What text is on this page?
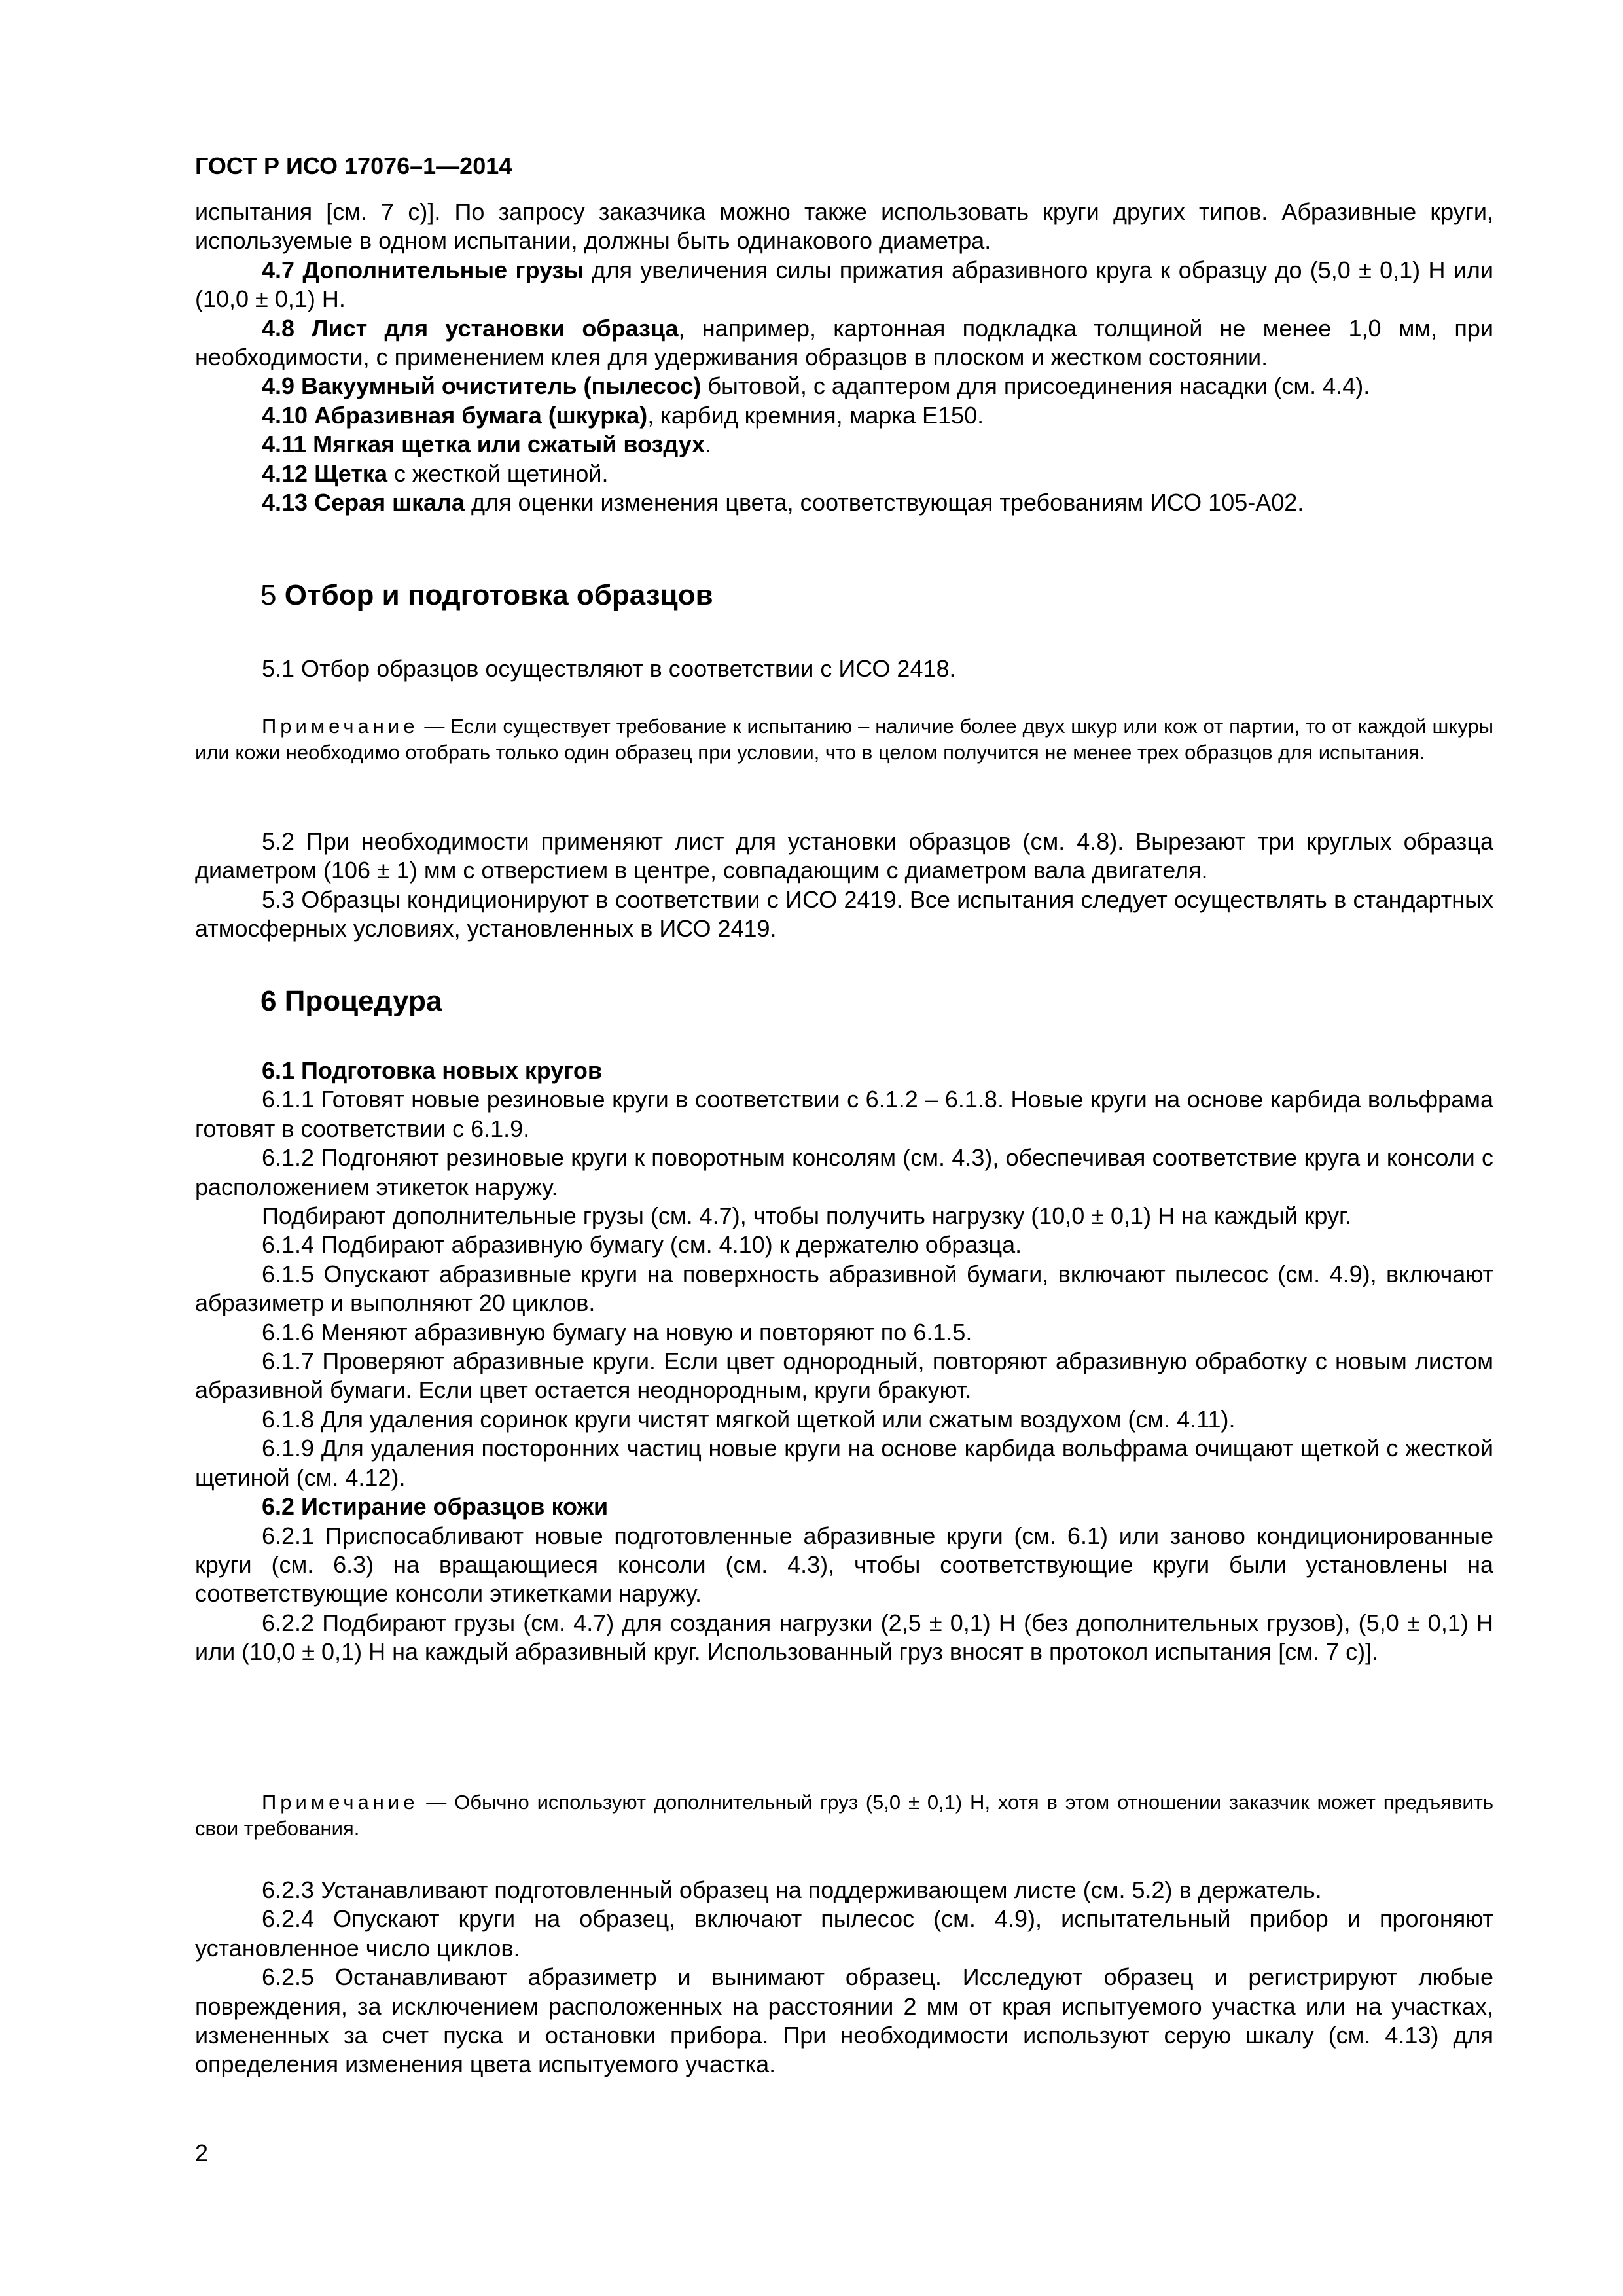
ГОСТ Р ИСО 17076–1—2014

испытания [см. 7 с)]. По запросу заказчика можно также использовать круги других типов. Абразивные круги, используемые в одном испытании, должны быть одинакового диаметра.

4.7 Дополнительные грузы для увеличения силы прижатия абразивного круга к образцу до (5,0 ± 0,1) Н или (10,0 ± 0,1) Н.

4.8 Лист для установки образца, например, картонная подкладка толщиной не менее 1,0 мм, при необходимости, с применением клея для удерживания образцов в плоском и жестком состоянии.

4.9 Вакуумный очиститель (пылесос) бытовой, с адаптером для присоединения насадки (см. 4.4).

4.10 Абразивная бумага (шкурка), карбид кремния, марка Е150.

4.11 Мягкая щетка или сжатый воздух.

4.12 Щетка с жесткой щетиной.

4.13 Серая шкала для оценки изменения цвета, соответствующая требованиям ИСО 105-А02.

5 Отбор и подготовка образцов

5.1 Отбор образцов осуществляют в соответствии с ИСО 2418.

Примечание — Если существует требование к испытанию – наличие более двух шкур или кож от партии, то от каждой шкуры или кожи необходимо отобрать только один образец при условии, что в целом получится не менее трех образцов для испытания.

5.2 При необходимости применяют лист для установки образцов (см. 4.8). Вырезают три круглых образца диаметром (106 ± 1) мм с отверстием в центре, совпадающим с диаметром вала двигателя.

5.3 Образцы кондиционируют в соответствии с ИСО 2419. Все испытания следует осуществлять в стандартных атмосферных условиях, установленных в ИСО 2419.

6 Процедура

6.1 Подготовка новых кругов

6.1.1 Готовят новые резиновые круги в соответствии с 6.1.2 – 6.1.8. Новые круги на основе карбида вольфрама готовят в соответствии с 6.1.9.

6.1.2 Подгоняют резиновые круги к поворотным консолям (см. 4.3), обеспечивая соответствие круга и консоли с расположением этикеток наружу.

Подбирают дополнительные грузы (см. 4.7), чтобы получить нагрузку (10,0 ± 0,1) Н на каждый круг.

6.1.4 Подбирают абразивную бумагу (см. 4.10) к держателю образца.

6.1.5 Опускают абразивные круги на поверхность абразивной бумаги, включают пылесос (см. 4.9), включают абразиметр и выполняют 20 циклов.

6.1.6 Меняют абразивную бумагу на новую и повторяют по 6.1.5.

6.1.7 Проверяют абразивные круги. Если цвет однородный, повторяют абразивную обработку с новым листом абразивной бумаги. Если цвет остается неоднородным, круги бракуют.

6.1.8 Для удаления соринок круги чистят мягкой щеткой или сжатым воздухом (см. 4.11).

6.1.9 Для удаления посторонних частиц новые круги на основе карбида вольфрама очищают щеткой с жесткой щетиной (см. 4.12).

6.2 Истирание образцов кожи

6.2.1 Приспосабливают новые подготовленные абразивные круги (см. 6.1) или заново кондиционированные круги (см. 6.3) на вращающиеся консоли (см. 4.3), чтобы соответствующие круги были установлены на соответствующие консоли этикетками наружу.

6.2.2 Подбирают грузы (см. 4.7) для создания нагрузки (2,5 ± 0,1) Н (без дополнительных грузов), (5,0 ± 0,1) Н или (10,0 ± 0,1) Н на каждый абразивный круг. Использованный груз вносят в протокол испытания [см. 7 с)].

Примечание — Обычно используют дополнительный груз (5,0 ± 0,1) Н, хотя в этом отношении заказчик может предъявить свои требования.

6.2.3 Устанавливают подготовленный образец на поддерживающем листе (см. 5.2) в держатель.

6.2.4 Опускают круги на образец, включают пылесос (см. 4.9), испытательный прибор и прогоняют установленное число циклов.

6.2.5 Останавливают абразиметр и вынимают образец. Исследуют образец и регистрируют любые повреждения, за исключением расположенных на расстоянии 2 мм от края испытуемого участка или на участках, измененных за счет пуска и остановки прибора. При необходимости используют серую шкалу (см. 4.13) для определения изменения цвета испытуемого участка.

2
